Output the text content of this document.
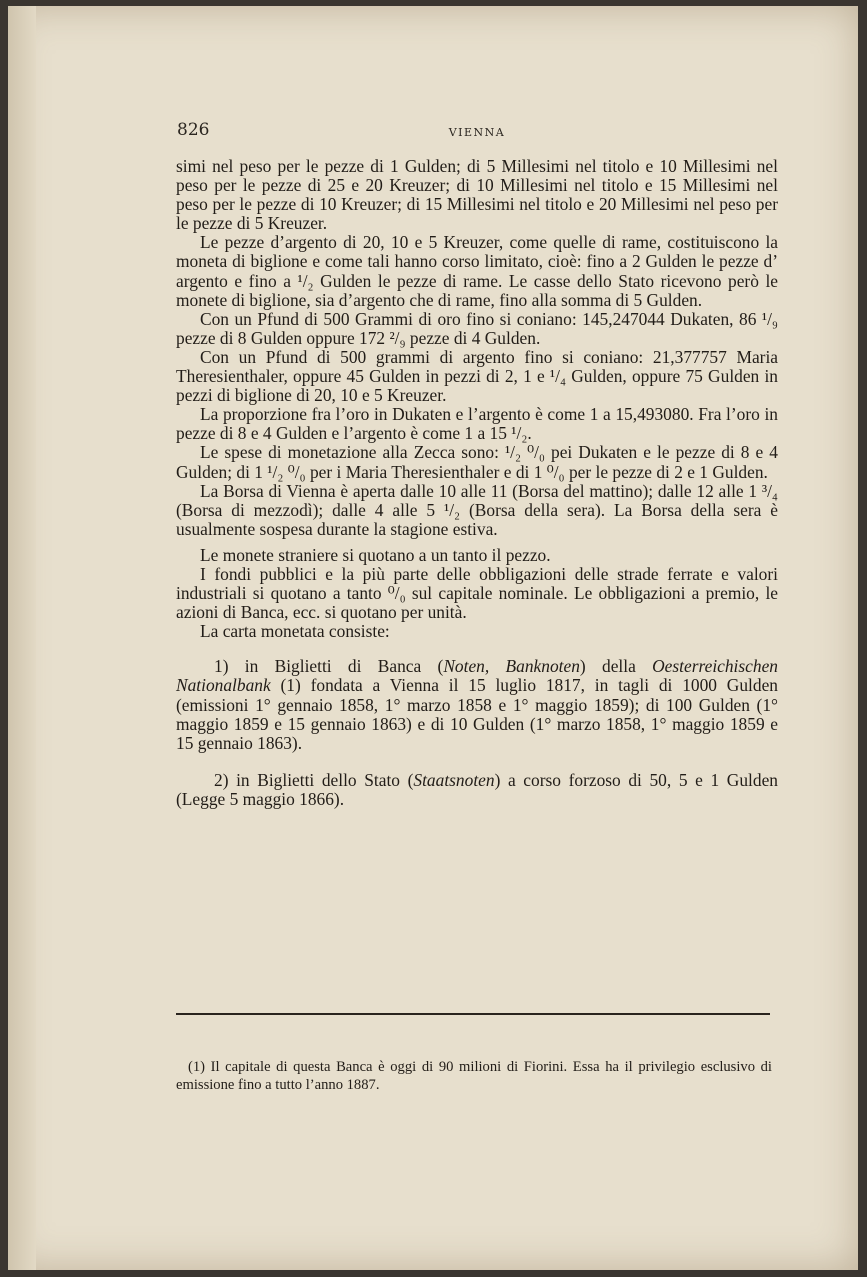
826	VIENNA

simi nel peso per le pezze di 1 Gulden; di 5 Millesimi nel titolo e 10 Millesimi nel peso per le pezze di 25 e 20 Kreuzer; di 10 Millesimi nel titolo e 15 Millesimi nel peso per le pezze di 10 Kreuzer; di 15 Millesimi nel titolo e 20 Millesimi nel peso per le pezze di 5 Kreuzer.

Le pezze d’argento di 20, 10 e 5 Kreuzer, come quelle di rame, costituiscono la moneta di biglione e come tali hanno corso limitato, cioè: fino a 2 Gulden le pezze d’ argento e fino a ¹/₂ Gulden le pezze di rame. Le casse dello Stato ricevono però le monete di biglione, sia d’argento che di rame, fino alla somma di 5 Gulden.

Con un Pfund di 500 Grammi di oro fino si coniano: 145,247044 Dukaten, 86 ¹/₉ pezze di 8 Gulden oppure 172 ²/₉ pezze di 4 Gulden.

Con un Pfund di 500 grammi di argento fino si coniano: 21,377757 Maria Theresienthaler, oppure 45 Gulden in pezzi di 2, 1 e ¹/₄ Gulden, oppure 75 Gulden in pezzi di biglione di 20, 10 e 5 Kreuzer.

La proporzione fra l’oro in Dukaten e l’argento è come 1 a 15,493080. Fra l’oro in pezze di 8 e 4 Gulden e l’argento è come 1 a 15 ¹/₂.

Le spese di monetazione alla Zecca sono: ¹/₂ ⁰/₀ pei Dukaten e le pezze di 8 e 4 Gulden; di 1 ¹/₂ ⁰/₀ per i Maria Theresienthaler e di 1 ⁰/₀ per le pezze di 2 e 1 Gulden.

La Borsa di Vienna è aperta dalle 10 alle 11 (Borsa del mattino); dalle 12 alle 1 ³/₄ (Borsa di mezzodì); dalle 4 alle 5 ¹/₂ (Borsa della sera). La Borsa della sera è usualmente sospesa durante la stagione estiva.

Le monete straniere si quotano a un tanto il pezzo.

I fondi pubblici e la più parte delle obbligazioni delle strade ferrate e valori industriali si quotano a tanto ⁰/₀ sul capitale nominale. Le obbligazioni a premio, le azioni di Banca, ecc. si quotano per unità.

La carta monetata consiste:

1) in Biglietti di Banca (Noten, Banknoten) della Oesterreichischen Nationalbank (1) fondata a Vienna il 15 luglio 1817, in tagli di 1000 Gulden (emissioni 1° gennaio 1858, 1° marzo 1858 e 1° maggio 1859); di 100 Gulden (1° maggio 1859 e 15 gennaio 1863) e di 10 Gulden (1° marzo 1858, 1° maggio 1859 e 15 gennaio 1863).

2) in Biglietti dello Stato (Staatsnoten) a corso forzoso di 50, 5 e 1 Gulden (Legge 5 maggio 1866).

(1) Il capitale di questa Banca è oggi di 90 milioni di Fiorini. Essa ha il privilegio esclusivo di emissione fino a tutto l’anno 1887.
